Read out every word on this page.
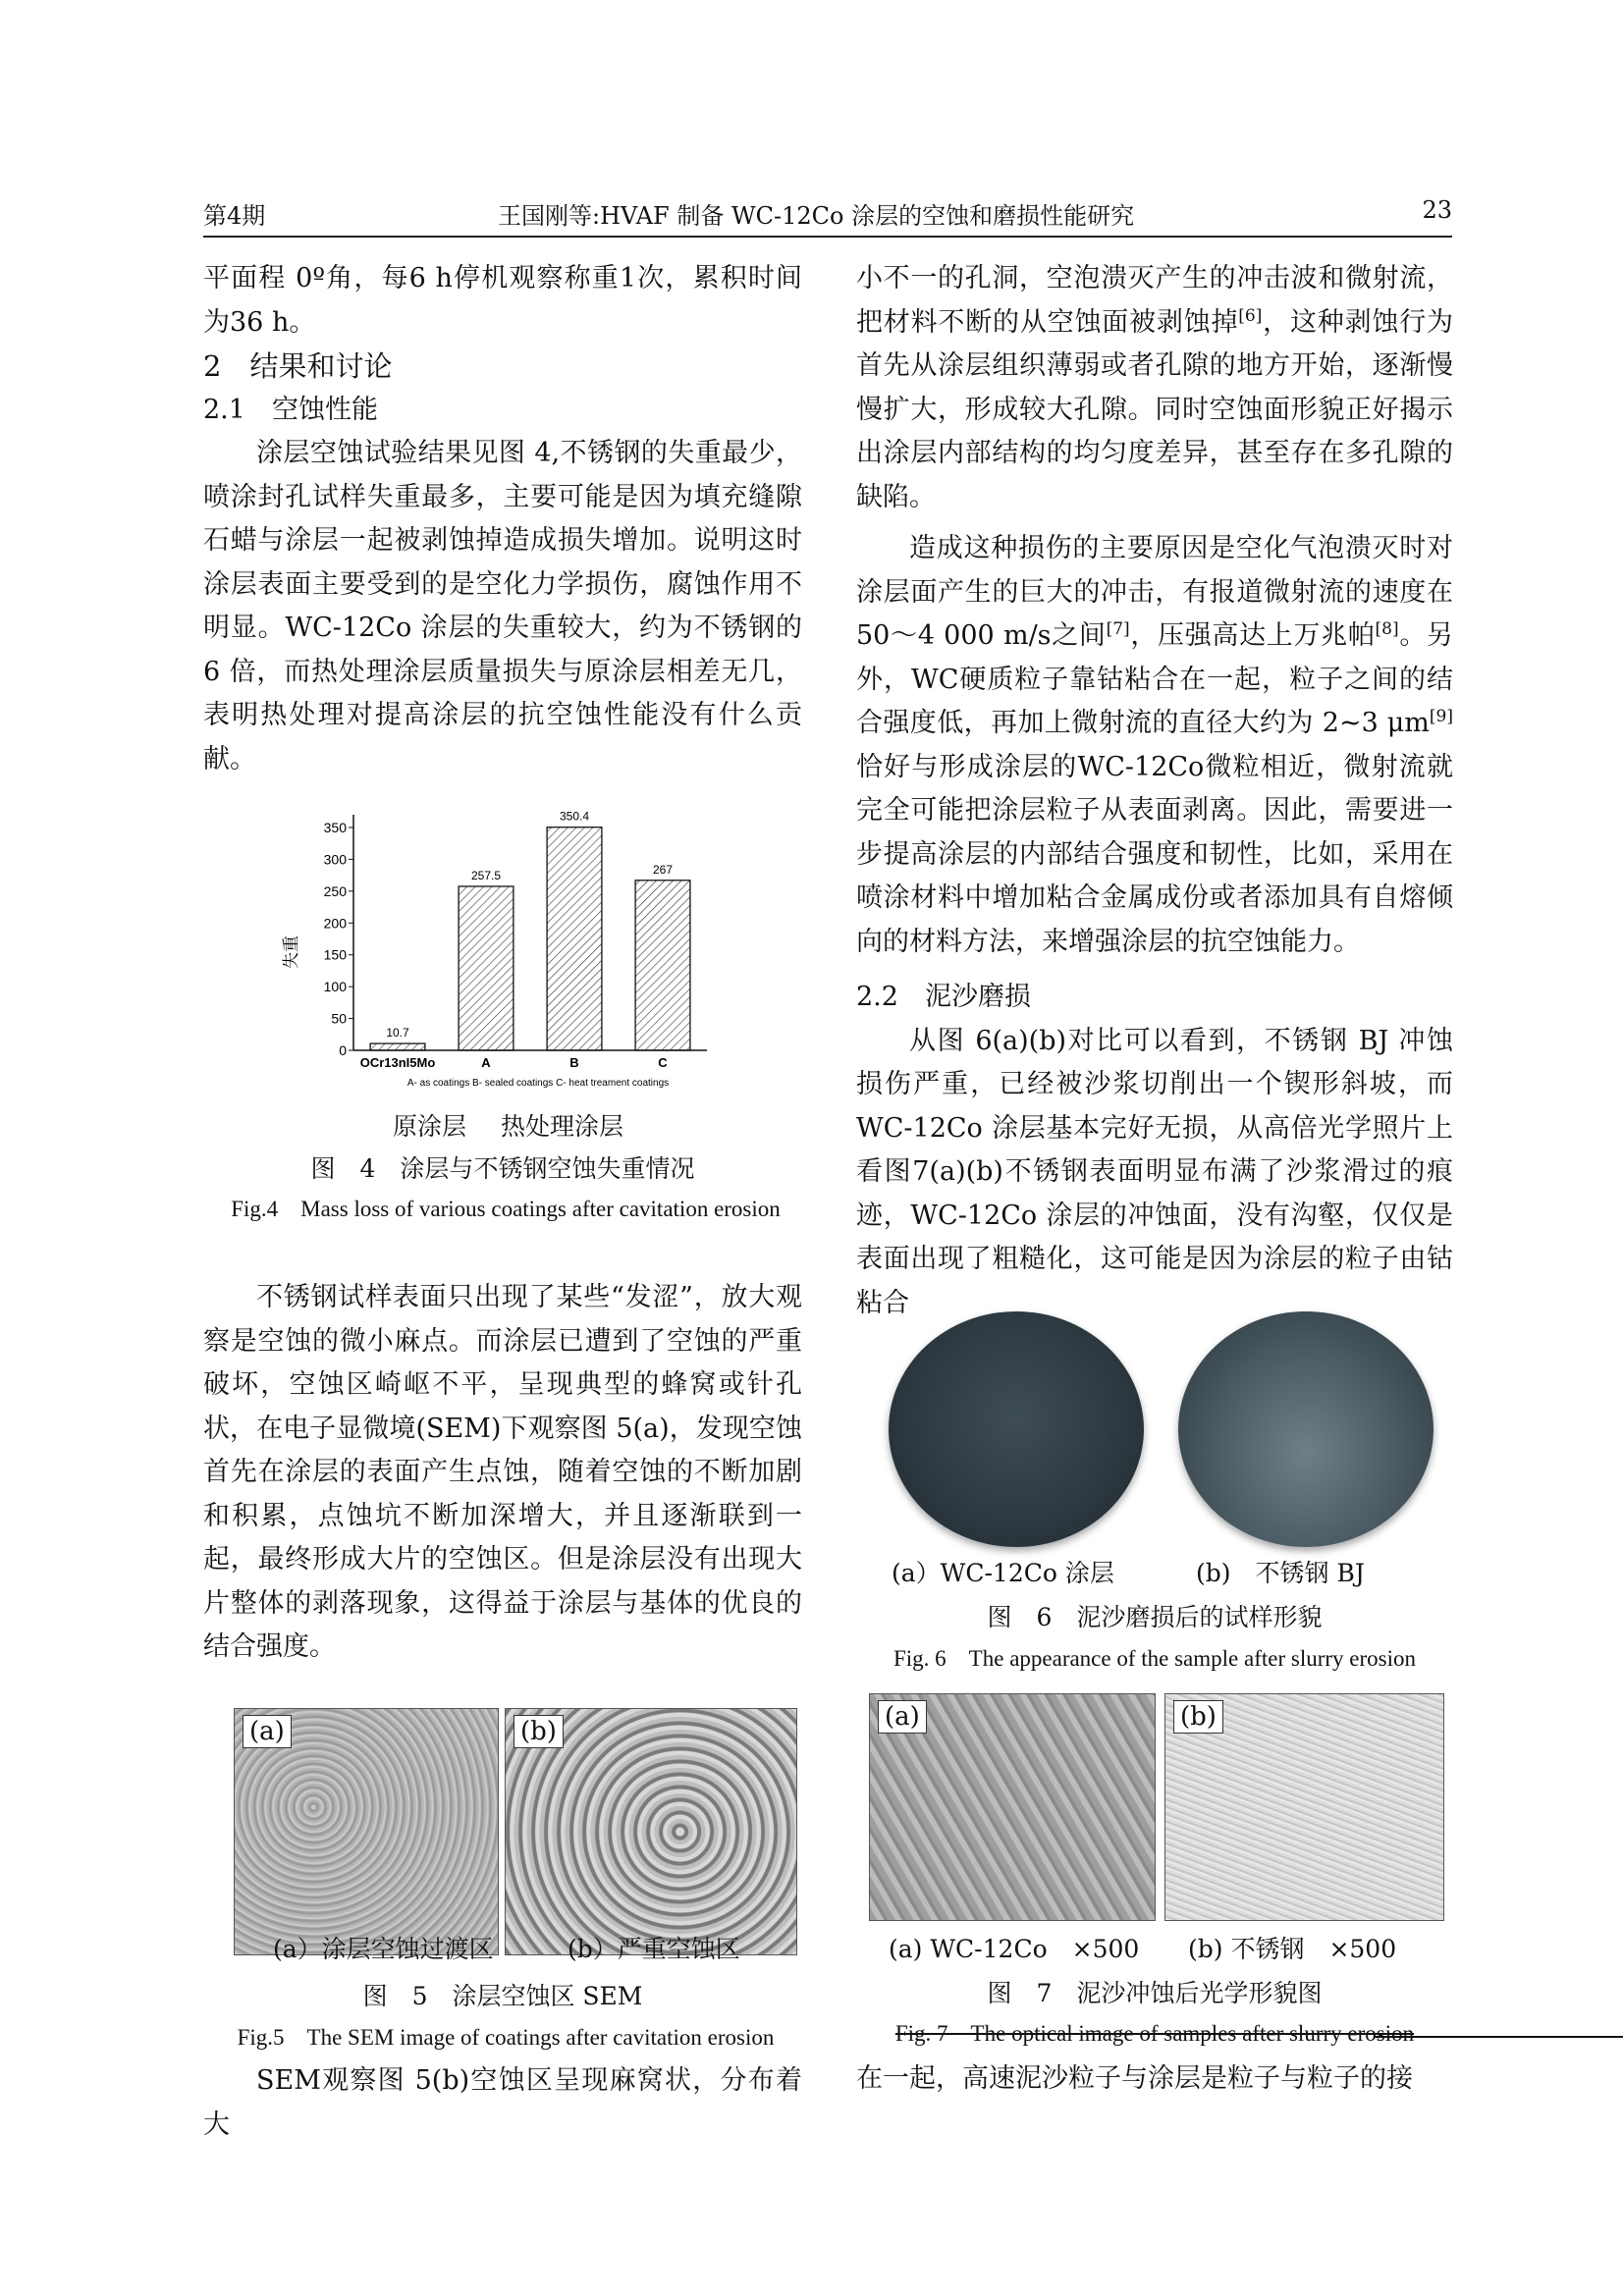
第4期	王国刚等:HVAF 制备 WC-12Co 涂层的空蚀和磨损性能研究	23

平面程 0º角，每6 h停机观察称重1次，累积时间为36 h。

2　结果和讨论

2.1　空蚀性能

涂层空蚀试验结果见图 4,不锈钢的失重最少，喷涂封孔试样失重最多，主要可能是因为填充缝隙石蜡与涂层一起被剥蚀掉造成损失增加。说明这时涂层表面主要受到的是空化力学损伤，腐蚀作用不明显。WC-12Co 涂层的失重较大，约为不锈钢的 6 倍，而热处理涂层质量损失与原涂层相差无几，表明热处理对提高涂层的抗空蚀性能没有什么贡献。

0
50
100
150
200
250
300
350
10.7
OCr13nI5Mo
257.5
A
350.4
B
267
C
失重
A- as coatings B- sealed coatings C- heat treament coatings
原涂层 热处理涂层
图　4　涂层与不锈钢空蚀失重情况
Fig.4　Mass loss of various coatings after cavitation erosion

不锈钢试样表面只出现了某些“发涩”，放大观察是空蚀的微小麻点。而涂层已遭到了空蚀的严重破坏，空蚀区崎岖不平，呈现典型的蜂窝或针孔状，在电子显微境(SEM)下观察图 5(a)，发现空蚀首先在涂层的表面产生点蚀，随着空蚀的不断加剧和积累，点蚀坑不断加深增大，并且逐渐联到一起，最终形成大片的空蚀区。但是涂层没有出现大片整体的剥落现象，这得益于涂层与基体的优良的结合强度。

(a)	(b)
(a）涂层空蚀过渡区	(b）严重空蚀区
图　5　涂层空蚀区 SEM
Fig.5　The SEM image of coatings after cavitation erosion

SEM观察图 5(b)空蚀区呈现麻窝状，分布着大

小不一的孔洞，空泡溃灭产生的冲击波和微射流，把材料不断的从空蚀面被剥蚀掉[6]，这种剥蚀行为首先从涂层组织薄弱或者孔隙的地方开始，逐渐慢慢扩大，形成较大孔隙。同时空蚀面形貌正好揭示出涂层内部结构的均匀度差异，甚至存在多孔隙的缺陷。

造成这种损伤的主要原因是空化气泡溃灭时对涂层面产生的巨大的冲击，有报道微射流的速度在 50～4 000 m/s之间[7]，压强高达上万兆帕[8]。另外，WC硬质粒子靠钴粘合在一起，粒子之间的结合强度低，再加上微射流的直径大约为 2~3 μm[9]恰好与形成涂层的WC-12Co微粒相近，微射流就完全可能把涂层粒子从表面剥离。因此，需要进一步提高涂层的内部结合强度和韧性，比如，采用在喷涂材料中增加粘合金属成份或者添加具有自熔倾向的材料方法，来增强涂层的抗空蚀能力。

2.2　泥沙磨损

从图 6(a)(b)对比可以看到，不锈钢 BJ 冲蚀损伤严重，已经被沙浆切削出一个锲形斜坡，而 WC-12Co 涂层基本完好无损，从高倍光学照片上看图7(a)(b)不锈钢表面明显布满了沙浆滑过的痕迹，WC-12Co 涂层的冲蚀面，没有沟壑，仅仅是表面出现了粗糙化，这可能是因为涂层的粒子由钴粘合

(a）WC-12Co 涂层	(b)　不锈钢 BJ
图　6　泥沙磨损后的试样形貌
Fig. 6　The appearance of the sample after slurry erosion
(a)	(b)
(a) WC-12Co　×500 (b) 不锈钢　×500
图　7　泥沙冲蚀后光学形貌图
Fig. 7　The optical image of samples after slurry erosion

在一起，高速泥沙粒子与涂层是粒子与粒子的接
